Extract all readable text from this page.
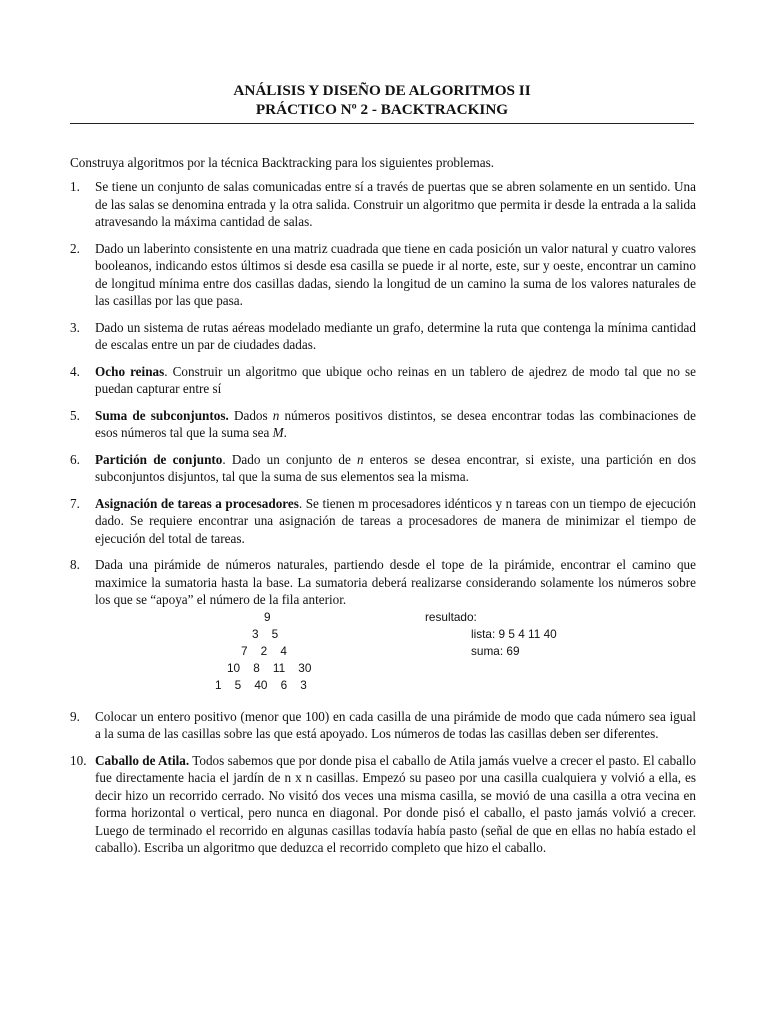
ANÁLISIS Y DISEÑO DE ALGORITMOS II
PRÁCTICO Nº 2 - BACKTRACKING
Construya algoritmos por la técnica Backtracking para los siguientes problemas.
1. Se tiene un conjunto de salas comunicadas entre sí a través de puertas que se abren solamente en un sentido. Una de las salas se denomina entrada y la otra salida. Construir un algoritmo que permita ir desde la entrada a la salida atravesando la máxima cantidad de salas.
2. Dado un laberinto consistente en una matriz cuadrada que tiene en cada posición un valor natural y cuatro valores booleanos, indicando estos últimos si desde esa casilla se puede ir al norte, este, sur y oeste, encontrar un camino de longitud mínima entre dos casillas dadas, siendo la longitud de un camino la suma de los valores naturales de las casillas por las que pasa.
3. Dado un sistema de rutas aéreas modelado mediante un grafo, determine la ruta que contenga la mínima cantidad de escalas entre un par de ciudades dadas.
4. Ocho reinas. Construir un algoritmo que ubique ocho reinas en un tablero de ajedrez de modo tal que no se puedan capturar entre sí
5. Suma de subconjuntos. Dados n números positivos distintos, se desea encontrar todas las combinaciones de esos números tal que la suma sea M.
6. Partición de conjunto. Dado un conjunto de n enteros se desea encontrar, si existe, una partición en dos subconjuntos disjuntos, tal que la suma de sus elementos sea la misma.
7. Asignación de tareas a procesadores. Se tienen m procesadores idénticos y n tareas con un tiempo de ejecución dado. Se requiere encontrar una asignación de tareas a procesadores de manera de minimizar el tiempo de ejecución del total de tareas.
8. Dada una pirámide de números naturales, partiendo desde el tope de la pirámide, encontrar el camino que maximice la sumatoria hasta la base. La sumatoria deberá realizarse considerando solamente los números sobre los que se “apoya” el número de la fila anterior.
9
3    5
7    2    4
10    8    11    30
1    5    40    6    3
resultado:
lista: 9 5 4 11 40
suma: 69
9. Colocar un entero positivo (menor que 100) en cada casilla de una pirámide de modo que cada número sea igual a la suma de las casillas sobre las que está apoyado. Los números de todas las casillas deben ser diferentes.
10. Caballo de Atila. Todos sabemos que por donde pisa el caballo de Atila jamás vuelve a crecer el pasto. El caballo fue directamente hacia el jardín de n x n casillas. Empezó su paseo por una casilla cualquiera y volvió a ella, es decir hizo un recorrido cerrado. No visitó dos veces una misma casilla, se movió de una casilla a otra vecina en forma horizontal o vertical, pero nunca en diagonal. Por donde pisó el caballo, el pasto jamás volvió a crecer. Luego de terminado el recorrido en algunas casillas todavía había pasto (señal de que en ellas no había estado el caballo). Escriba un algoritmo que deduzca el recorrido completo que hizo el caballo.
